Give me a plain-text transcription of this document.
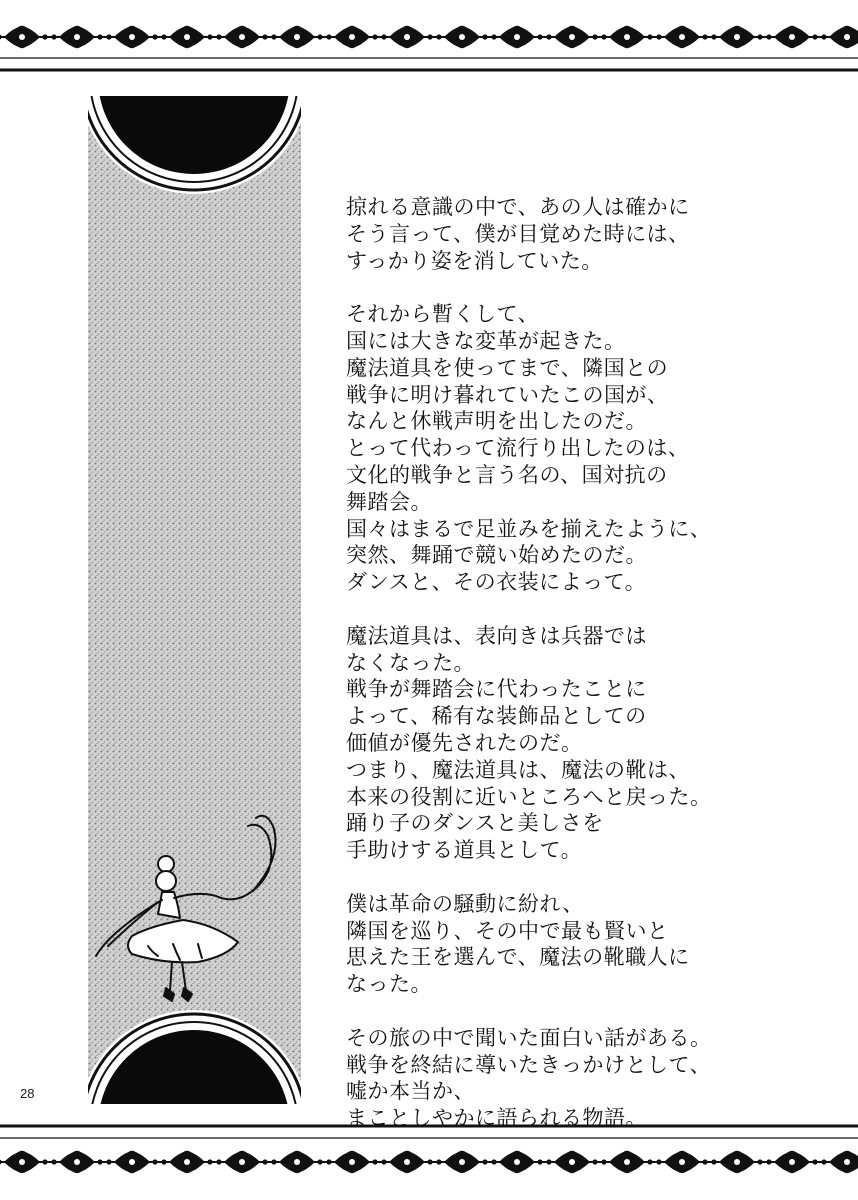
掠れる意識の中で、あの人は確かに
そう言って、僕が目覚めた時には、
すっかり姿を消していた。

それから暫くして、
国には大きな変革が起きた。
魔法道具を使ってまで、隣国との
戦争に明け暮れていたこの国が、
なんと休戦声明を出したのだ。
とって代わって流行り出したのは、
文化的戦争と言う名の、国対抗の
舞踏会。
国々はまるで足並みを揃えたように、
突然、舞踊で競い始めたのだ。
ダンスと、その衣装によって。

魔法道具は、表向きは兵器では
なくなった。
戦争が舞踏会に代わったことに
よって、稀有な装飾品としての
価値が優先されたのだ。
つまり、魔法道具は、魔法の靴は、
本来の役割に近いところへと戻った。
踊り子のダンスと美しさを
手助けする道具として。

僕は革命の騒動に紛れ、
隣国を巡り、その中で最も賢いと
思えた王を選んで、魔法の靴職人に
なった。

その旅の中で聞いた面白い話がある。
戦争を終結に導いたきっかけとして、
嘘か本当か、
まことしやかに語られる物語。

28
